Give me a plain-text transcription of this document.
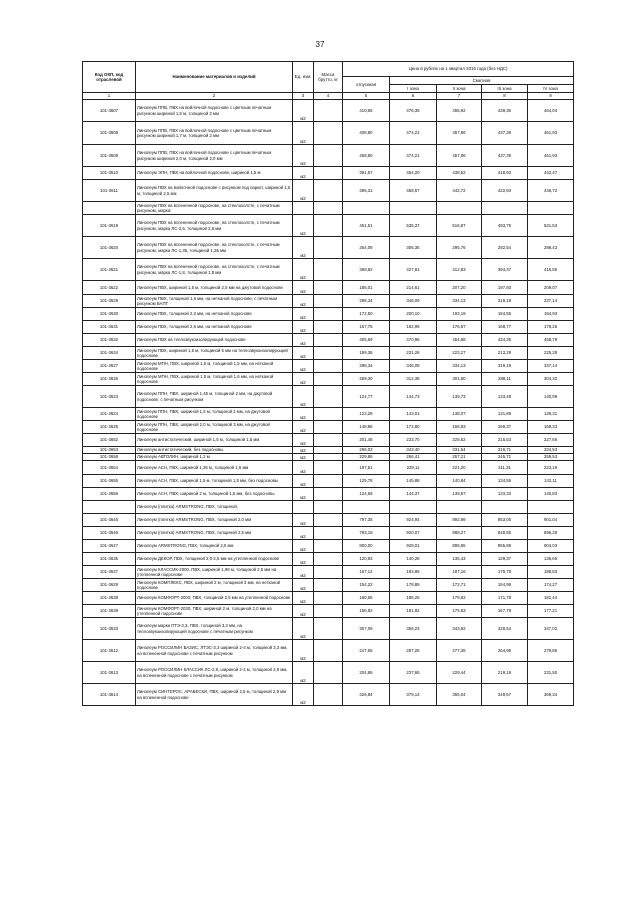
37
Код ОКП, код отраслевой	Наименование материалов и изделий	Ед. изм.	Масса брутто, кг	Цена в рублях на 1 квартал 2016 года (без НДС)				
				отпускная	Сметная			
					I зона	II зона	III зона	IV зона
1	2	3	4	5	6	7	8	9
101-3607	Линолеум ППВ, ПВХ на войлочной подоснове с цветным печатным рисунком шириной 1,5 м, толщиной 2 мм	м2		410,65	476,35	455,92	439,36	464,04
101-3608	Линолеум ППВ, ПВХ на войлочной подоснове с цветным печатным рисунком шириной 1,7 м, толщиной 2 мм	м2		408,80	474,21	457,86	437,39	461,93
101-3609	Линолеум ППВ, ПВХ на войлочной подоснове с цветным печатным рисунком шириной 2,0 м, толщиной 2,0 мм	м2		408,80	474,21	457,86	437,39	461,93
101-3610	Линолеум ЭПН, ПВХ на войлочной подоснове, шириной 1,5 м	м2		391,57	454,20	438,52	418,93	442,47
101-3611	Линолеум ПВХ на войлочной подоснове с рисунком под паркет, шириной 1,5 м, толщиной 2,5 мм	м2		395,31	458,57	442,72	422,93	446,72
	Линолеум ПВХ на вспененной подоснове, на стеклохолсте, с печатным рисунком, марка:							
101-3619	Линолеум ПВХ на вспененной подоснове, на стеклохолсте, с печатным рисунком, марка ЛС-2,6, толщиной 2,6 мм	м2		461,51	535,37	516,87	493,75	521,53
101-3620	Линолеум ПВХ на вспененной подоснове, на стеклохолсте, с печатным рисунком, марка ЛС-1,35, толщиной 1,35 мм	м2		264,09	306,35	295,76	282,54	298,43
101-3621	Линолеум ПВХ на вспененной подоснове, на стеклохолсте, с печатным рисунком, марка ЛС-1,8, толщиной 1,8 мм	м2		368,82	427,81	412,83	394,37	416,56
101-3622	Линолеум ПВХ, шириной 1,5 м, толщиной 2,5 мм на джутовой подоснове	м2		185,01	214,61	207,20	197,93	209,07
101-3629	Линолеум ПВХ, толщиной 1,6 мм, на нетканой подоснове, с печатным рисунком ВАПТ	м2		298,34	346,09	334,13	319,19	337,14
101-3630	Линолеум ПВХ, толщиной 2,2 мм, на нетканой подоснове	м2		172,50	200,10	193,19	184,55	194,93
101-3631	Линолеум ПВХ, толщиной 2,6 мм, на нетканой подоснове	м2		157,75	182,99	176,67	168,77	178,26
101-3632	Линолеум ПВХ на теплозвукоизолирующей подоснове	м2		405,69	470,96	454,68	434,35	458,79
101-3634	Линолеум ПВХ, шириной 1,5 м, толщиной 5 мм на теплозвукоизолирующей подоснове	м2		199,36	231,26	223,27	213,29	225,28
101-3627	Линолеум МПН, ПВХ, шириной 1,5 м, толщиной 1,5 мм, на нетканой подоснове	м2		298,34	346,09	334,13	319,19	337,14
101-3626	Линолеум МПН, ПВХ, шириной 1,5 м, толщиной 1,6 мм, на нетканой подоснове	м2		269,30	312,38	301,60	288,11	304,32
101-3623	Линолеум ППН, ПВХ, шириной 1,45 м, толщиной 2 мм, на джутовой подоснове, с печатным рисунком	м2		124,77	144,73	139,73	133,48	140,99
101-3624	Линолеум ППН, ПВХ, шириной 1,5 м, толщиной 2 мм, на джутовой подоснове	м2		123,28	143,01	138,07	131,89	139,31
101-3625	Линолеум ППН, ПВХ, шириной 2,0 м, толщиной 3 мм, на джутовой подоснове	м2		148,96	172,80	166,83	159,37	168,33
101-3652	Линолеум антистатический, шириной 1,5 м, толщиной 1,5 мм	м2		201,48	233,70	225,62	215,53	227,66
101-3653	Линолеум антистатический, без подосновы	м2		296,03	343,40	331,54	316,71	334,53
101-3658	Линолеум АВТОЛИН, шириной 1,2 м	м2		229,86	266,41	257,21	245,71	259,53
101-3654	Линолеум АСН, ПВХ, шириной 1,35 м, толщиной 1,6 мм	м2		197,51	229,11	221,20	211,31	223,19
101-3655	Линолеум АСН, ПВХ, шириной 1,5 м, толщиной 1,5 мм, без подосновы	м2		125,78	145,88	140,84	134,55	142,11
101-3656	Линолеум АСН, ПВХ, шириной 2 м, толщиной 1,5 мм, без подосновы	м2		124,69	144,37	139,57	133,33	140,83
	Линолеум (плитка) ARMSTRONG, ПВХ, толщиной,							
101-3645	Линолеум (плитка) ARMSTRONG, ПВХ, толщиной 2,0 мм	м2		797,35	924,94	892,98	853,05	901,04
101-3646	Линолеум (плитка) ARMSTRONG, ПВХ, толщиной 2,5 мм	м2		793,15	920,07	888,27	848,55	896,29
101-3647	Линолеум ARMSTRONG, ПВХ, толщиной 2,0 мм	м2		800,00	928,01	895,95	855,88	904,03
101-3635	Линолеум ДЕКОР, ПВХ, толщиной 2,0-2,5 мм на утепленной подоснове	м2		120,93	140,28	135,43	129,37	136,65
101-3637	Линолеум КЛАССИК-2000, ПВХ, шириной 1,98 м, толщиной 2,5 мм на утепленной подоснове	м2		167,12	193,86	187,16	178,79	188,83
101-3629	Линолеум КОМПЛЕКС, ПВХ, шириной 2 м, толщиной 3 мм, на нетканой подоснове	м2		154,22	178,89	172,71	164,99	174,27
101-3638	Линолеум КОМФОРТ-2000, ПВХ, толщиной 2,5 мм на утепленной подоснове	м2		160,56	186,25	179,82	171,78	181,44
101-3639	Линолеум КОМФОРТ-2030, ПВХ, шириной 2 м, толщиной 2,0 мм на утепленной подоснове	м2		156,82	181,92	175,63	167,78	177,21
101-3633	Линолеум марки ПТЭ-3,3, ПВХ, толщиной 3,3 мм, на теплозвукоизолирующей подоснове с печатным рисунком	м2		307,09	356,23	343,92	328,54	347,02
101-3612	Линолеум РОССИЛИН БАЗИС, ЛТЭС-3,3 шириной 2-4 м, толщиной 3,3 мм, на вспененной подоснове с печатным рисунком	м2		247,65	287,28	277,36	264,95	279,86
101-3613	Линолеум РОССИЛИН КЛАССИК ЛС-2,9, шириной 2-4 м, толщиной 2,9 мм, на вспененной подоснове с печатным рисунком	м2		204,86	237,65	229,44	219,18	231,50
101-3614	Линолеум СИНТЕРОС, АРАБЕСКИ, ПВХ, шириной 2,5 м, толщиной 2,9 мм на вспененной подоснове	м2		326,84	379,14	366,04	349,67	369,34
